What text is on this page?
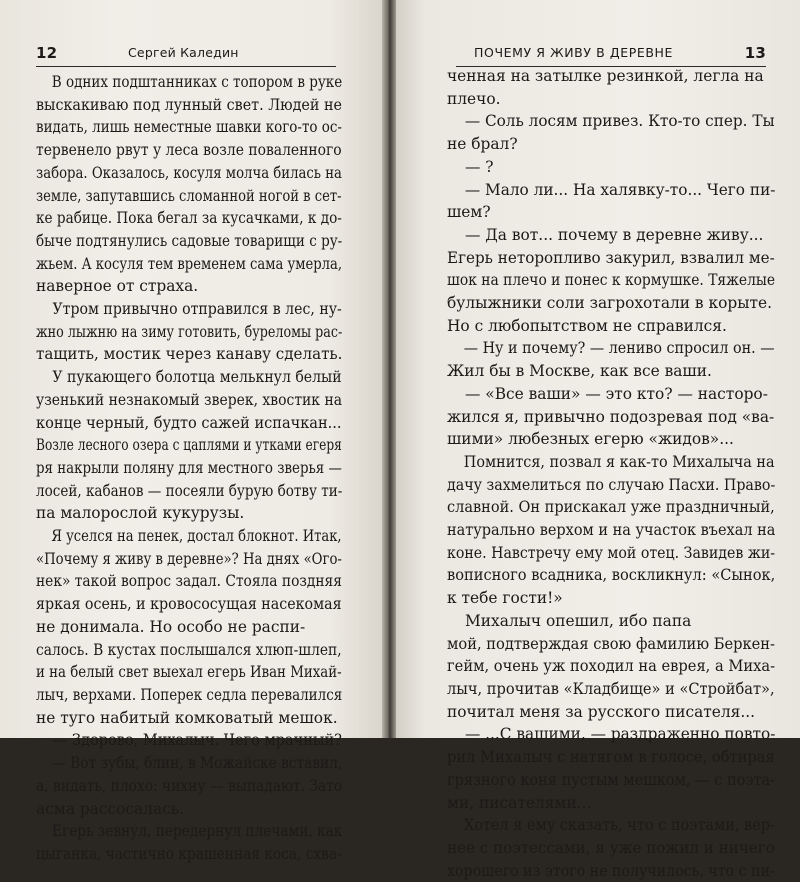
12	Сергей Каледин
В одних подштанниках с топором в руке
выскакиваю под лунный свет. Людей не
видать, лишь неместные шавки кого-то ос-
тервенело рвут у леса возле поваленного
забора. Оказалось, косуля молча билась на
земле, запутавшись сломанной ногой в сет-
ке рабице. Пока бегал за кусачками, к до-
бычe подтянулись садовые товарищи с ру-
жьем. А косуля тем временем сама умерла,
наверное от страха.
Утром привычно отправился в лес, ну-
жно лыжню на зиму готовить, буреломы рас-
тащить, мостик через канаву сделать.
У пукающего болотца мелькнул белый
узенький незнакомый зверек, хвостик на
конце черный, будто сажей испачкан...
Возле лесного озера с цаплями и утками егеря
ря накрыли поляну для местного зверья —
лосей, кабанов — посеяли бурую ботву ти-
па малорослой кукурузы.
Я уселся на пенек, достал блокнот. Итак,
«Почему я живу в деревне»? На днях «Ого-
нек» такой вопрос задал. Стояла поздняя
яркая осень, и кровососущая насекомая
не донимала. Но особо не распи-
салось. В кустах послышался хлюп-шлеп,
и на белый свет выехал егерь Иван Михай-
лыч, верхами. Поперек седла перевалился
не туго набитый комковатый мешок.
— Здорово, Михалыч. Чего мрачный?
— Вот зубы, блин, в Можайске вставил,
а, видать, плохо: чихну — выпадают. Зато
асма рассосалась.
Егерь зевнул, передернул плечами, как
цыганка, частично крашенная коса, схва-
ПОЧЕМУ Я ЖИВУ В ДЕРЕВНЕ	13
ченная на затылке резинкой, легла на
плечо.
— Соль лосям привез. Кто-то спер. Ты
не брал?
— ?
— Мало ли... На халявку-то... Чего пи-
шем?
— Да вот... почему в деревне живу...
Егерь неторопливо закурил, взвалил ме-
шок на плечо и понес к кормушке. Тяжелые
булыжники соли загрохотали в корыте.
Но с любопытством не справился.
— Ну и почему? — лениво спросил он. —
Жил бы в Москве, как все ваши.
— «Все ваши» — это кто? — насторо-
жился я, привычно подозревая под «ва-
шими» любезных егерю «жидов»...
Помнится, позвал я как-то Михалыча на
дачу захмелиться по случаю Пасхи. Право-
славной. Он прискакал уже праздничный,
натурально верхом и на участок въехал на
коне. Навстречу ему мой отец. Завидев жи-
вописного всадника, воскликнул: «Сынок,
к тебе гости!»
Михалыч опешил, ибо папа
мой, подтверждая свою фамилию Беркен-
гейм, очень уж походил на еврея, а Миха-
лыч, прочитав «Кладбище» и «Стройбат»,
почитал меня за русского писателя...
— ...С вашими, — раздраженно повто-
рил Михалыч с натягом в голосе, обтирая
грязного коня пустым мешком, — с поэта-
ми, писателями...
Хотел я ему сказать, что с поэтами, вер-
нее с поэтессами, я уже пожил и ничего
хорошего из этого не получилось, что с пи-
